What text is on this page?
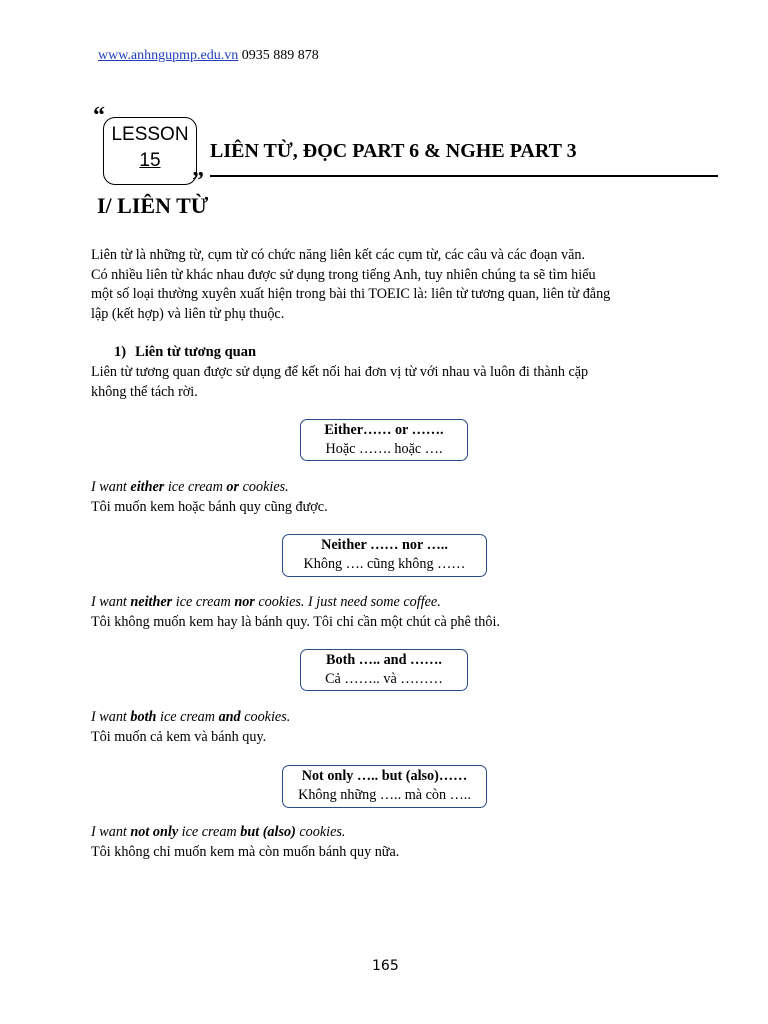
www.anhngupmp.edu.vn 0935 889 878
“
LESSON
15
”
LIÊN TỪ, ĐỌC PART 6 & NGHE PART 3
I/ LIÊN TỪ
Liên từ là những từ, cụm từ có chức năng liên kết các cụm từ, các câu và các đoạn văn.
Có nhiều liên từ khác nhau được sử dụng trong tiếng Anh, tuy nhiên chúng ta sẽ tìm hiểu
một số loại thường xuyên xuất hiện trong bài thi TOEIC là: liên từ tương quan, liên từ đẳng
lập (kết hợp) và liên từ phụ thuộc.
1) Liên từ tương quan
Liên từ tương quan được sử dụng để kết nối hai đơn vị từ với nhau và luôn đi thành cặp
không thể tách rời.
Either…… or …….
Hoặc ……. hoặc ….
I want either ice cream or cookies.
Tôi muốn kem hoặc bánh quy cũng được.
Neither …… nor …..
Không …. cũng không ……
I want neither ice cream nor cookies. I just need some coffee.
Tôi không muốn kem hay là bánh quy. Tôi chỉ cần một chút cà phê thôi.
Both ….. and …….
Cả …….. và ………
I want both ice cream and cookies.
Tôi muốn cả kem và bánh quy.
Not only ….. but (also)……
Không những ….. mà còn …..
I want not only ice cream but (also) cookies.
Tôi không chỉ muốn kem mà còn muốn bánh quy nữa.
165
